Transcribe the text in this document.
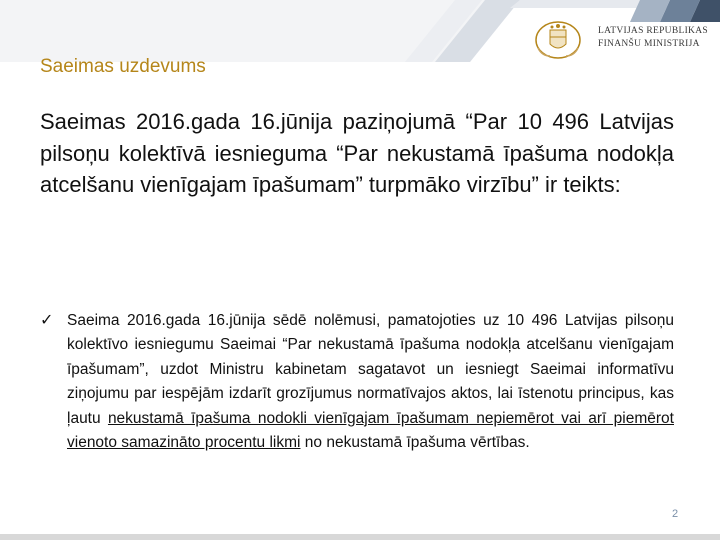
LATVIJAS REPUBLIKAS
FINANŠU MINISTRIJA
Saeimas uzdevums
Saeimas 2016.gada 16.jūnija paziņojumā “Par 10 496 Latvijas pilsoņu kolektīvā iesnieguma “Par nekustamā īpašuma nodokļa atcelšanu vienīgajam īpašumam” turpmāko virzību” ir teikts:
✓ Saeima 2016.gada 16.jūnija sēdē nolēmusi, pamatojoties uz 10 496 Latvijas pilsoņu kolektīvo iesniegumu Saeimai “Par nekustamā īpašuma nodokļa atcelšanu vienīgajam īpašumam”, uzdot Ministru kabinetam sagatavot un iesniegt Saeimai informatīvu ziņojumu par iespējām izdarīt grozījumus normatīvajos aktos, lai īstenotu principus, kas ļautu nekustamā īpašuma nodokli vienīgajam īpašumam nepiemērot vai arī piemērot vienoto samazināto procentu likmi no nekustamā īpašuma vērtības.
2
